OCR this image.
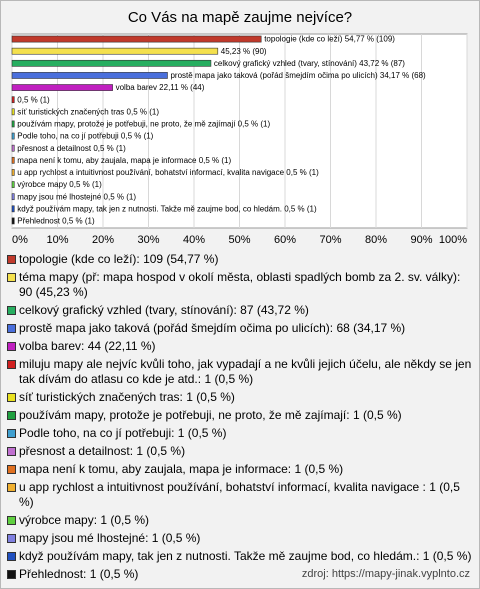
Co Vás na mapě zaujme nejvíce?
0% 10% 20% 30% 40% 50% 60% 70% 80% 90% 100%
topologie (kde co leží) 54,77 % (109)
45,23 % (90)
celkový grafický vzhled (tvary, stínování) 43,72 % (87)
prostě mapa jako taková (pořád šmejdím očima po ulicích) 34,17 % (68)
volba barev 22,11 % (44)
0,5 % (1)
síť turistických značených tras 0,5 % (1)
používám mapy, protože je potřebuji, ne proto, že mě zajímají 0,5 % (1)
Podle toho, na co jí potřebuji 0,5 % (1)
přesnost a detailnost 0,5 % (1)
mapa není k tomu, aby zaujala, mapa je informace 0,5 % (1)
u app rychlost a intuitivnost používání, bohatství informací, kvalita navigace 0,5 % (1)
výrobce mapy 0,5 % (1)
mapy jsou mé lhostejné 0,5 % (1)
když používám mapy, tak jen z nutnosti. Takže mě zaujme bod, co hledám. 0,5 % (1)
Přehlednost 0,5 % (1)
topologie (kde co leží): 109 (54,77 %)
téma mapy (př: mapa hospod v okolí města, oblasti spadlých bomb za 2. sv. války): 90 (45,23 %)
celkový grafický vzhled (tvary, stínování): 87 (43,72 %)
prostě mapa jako taková (pořád šmejdím očima po ulicích): 68 (34,17 %)
volba barev: 44 (22,11 %)
miluju mapy ale nejvíc kvůli toho, jak vypadají a ne kvůli jejich účelu, ale někdy se jen tak dívám do atlasu co kde je atd.: 1 (0,5 %)
síť turistických značených tras: 1 (0,5 %)
používám mapy, protože je potřebuji, ne proto, že mě zajímají: 1 (0,5 %)
Podle toho, na co jí potřebuji: 1 (0,5 %)
přesnost a detailnost: 1 (0,5 %)
mapa není k tomu, aby zaujala, mapa je informace: 1 (0,5 %)
u app rychlost a intuitivnost používání, bohatství informací, kvalita navigace : 1 (0,5 %)
výrobce mapy: 1 (0,5 %)
mapy jsou mé lhostejné: 1 (0,5 %)
když používám mapy, tak jen z nutnosti. Takže mě zaujme bod, co hledám.: 1 (0,5 %)
Přehlednost: 1 (0,5 %)	zdroj: https://mapy-jinak.vyplnto.cz
